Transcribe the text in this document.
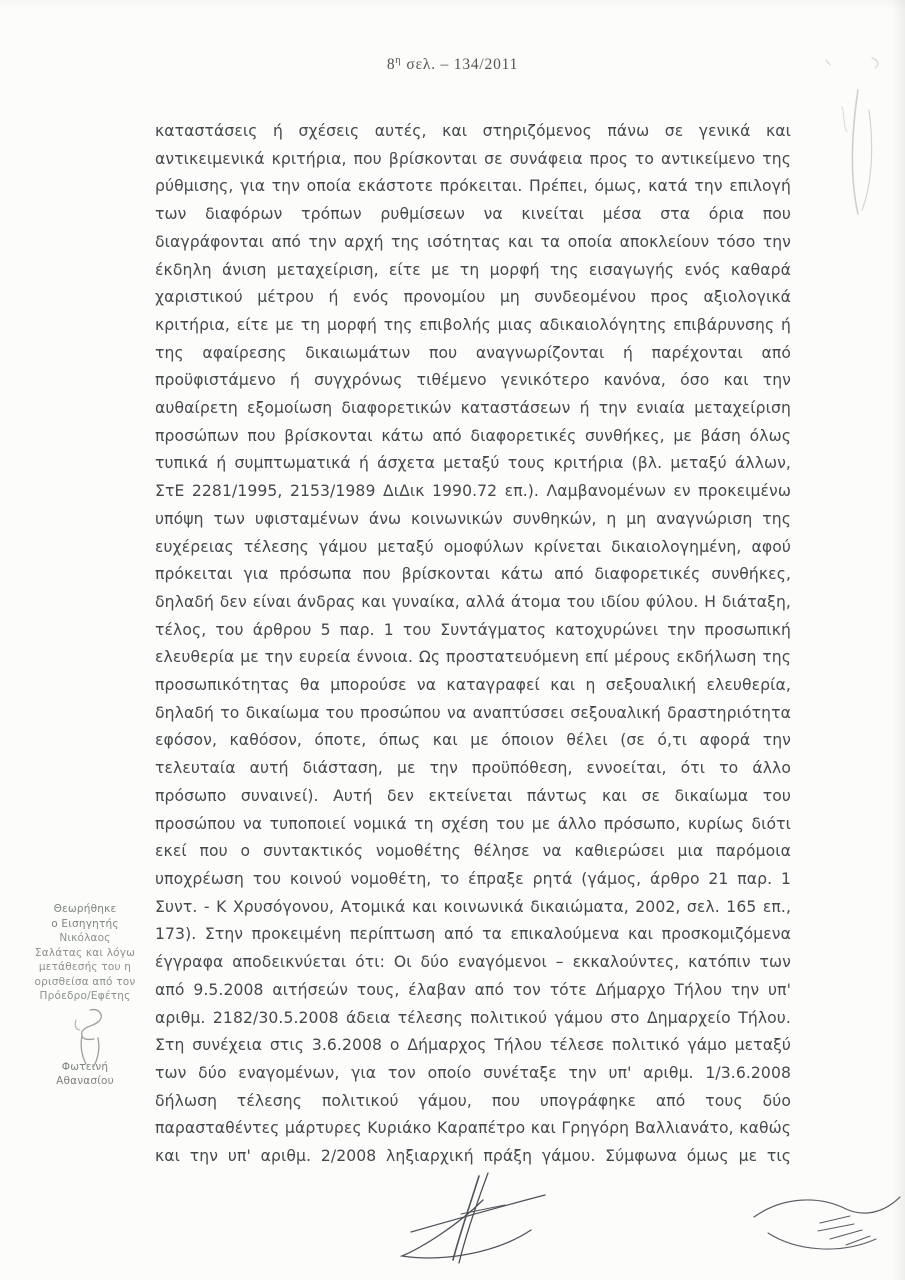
$8^\eta$ σελ. – 134/2011
καταστάσεις ή σχέσεις αυτές, και στηριζόμενος πάνω σε γενικά και
αντικειμενικά κριτήρια, που βρίσκονται σε συνάφεια προς το αντικείμενο της
ρύθμισης, για την οποία εκάστοτε πρόκειται. Πρέπει, όμως, κατά την επιλογή
των διαφόρων τρόπων ρυθμίσεων να κινείται μέσα στα όρια που
διαγράφονται από την αρχή της ισότητας και τα οποία αποκλείουν τόσο την
έκδηλη άνιση μεταχείριση, είτε με τη μορφή της εισαγωγής ενός καθαρά
χαριστικού μέτρου ή ενός προνομίου μη συνδεομένου προς αξιολογικά
κριτήρια, είτε με τη μορφή της επιβολής μιας αδικαιολόγητης επιβάρυνσης ή
της αφαίρεσης δικαιωμάτων που αναγνωρίζονται ή παρέχονται από
προϋφιστάμενο ή συγχρόνως τιθέμενο γενικότερο κανόνα, όσο και την
αυθαίρετη εξομοίωση διαφορετικών καταστάσεων ή την ενιαία μεταχείριση
προσώπων που βρίσκονται κάτω από διαφορετικές συνθήκες, με βάση όλως
τυπικά ή συμπτωματικά ή άσχετα μεταξύ τους κριτήρια (βλ. μεταξύ άλλων,
ΣτΕ 2281/1995, 2153/1989 ΔιΔικ 1990.72 επ.). Λαμβανομένων εν προκειμένω
υπόψη των υφισταμένων άνω κοινωνικών συνθηκών, η μη αναγνώριση της
ευχέρειας τέλεσης γάμου μεταξύ ομοφύλων κρίνεται δικαιολογημένη, αφού
πρόκειται για πρόσωπα που βρίσκονται κάτω από διαφορετικές συνθήκες,
δηλαδή δεν είναι άνδρας και γυναίκα, αλλά άτομα του ιδίου φύλου. Η διάταξη,
τέλος, του άρθρου 5 παρ. 1 του Συντάγματος κατοχυρώνει την προσωπική
ελευθερία με την ευρεία έννοια. Ως προστατευόμενη επί μέρους εκδήλωση της
προσωπικότητας θα μπορούσε να καταγραφεί και η σεξουαλική ελευθερία,
δηλαδή το δικαίωμα του προσώπου να αναπτύσσει σεξουαλική δραστηριότητα
εφόσον, καθόσον, όποτε, όπως και με όποιον θέλει (σε ό,τι αφορά την
τελευταία αυτή διάσταση, με την προϋπόθεση, εννοείται, ότι το άλλο
πρόσωπο συναινεί). Αυτή δεν εκτείνεται πάντως και σε δικαίωμα του
προσώπου να τυποποιεί νομικά τη σχέση του με άλλο πρόσωπο, κυρίως διότι
εκεί που ο συντακτικός νομοθέτης θέλησε να καθιερώσει μια παρόμοια
υποχρέωση του κοινού νομοθέτη, το έπραξε ρητά (γάμος, άρθρο 21 παρ. 1
Συντ. - Κ Χρυσόγονου, Ατομικά και κοινωνικά δικαιώματα, 2002, σελ. 165 επ.,
173). Στην προκειμένη περίπτωση από τα επικαλούμενα και προσκομιζόμενα
έγγραφα αποδεικνύεται ότι: Οι δύο εναγόμενοι – εκκαλούντες, κατόπιν των
από 9.5.2008 αιτήσεών τους, έλαβαν από τον τότε Δήμαρχο Τήλου την υπ'
αριθμ. 2182/30.5.2008 άδεια τέλεσης πολιτικού γάμου στο Δημαρχείο Τήλου.
Στη συνέχεια στις 3.6.2008 ο Δήμαρχος Τήλου τέλεσε πολιτικό γάμο μεταξύ
των δύο εναγομένων, για τον οποίο συνέταξε την υπ' αριθμ. 1/3.6.2008
δήλωση τέλεσης πολιτικού γάμου, που υπογράφηκε από τους δύο
παρασταθέντες μάρτυρες Κυριάκο Καραπέτρο και Γρηγόρη Βαλλιανάτο, καθώς
και την υπ' αριθμ. 2/2008 ληξιαρχική πράξη γάμου. Σύμφωνα όμως με τις
Θεωρήθηκε
ο Εισηγητής
Νικόλαος
Σαλάτας και λόγω
μετάθεσής του η
ορισθείσα από τον
Πρόεδρο/Εφέτης
Φωτεινή
Αθανασίου
